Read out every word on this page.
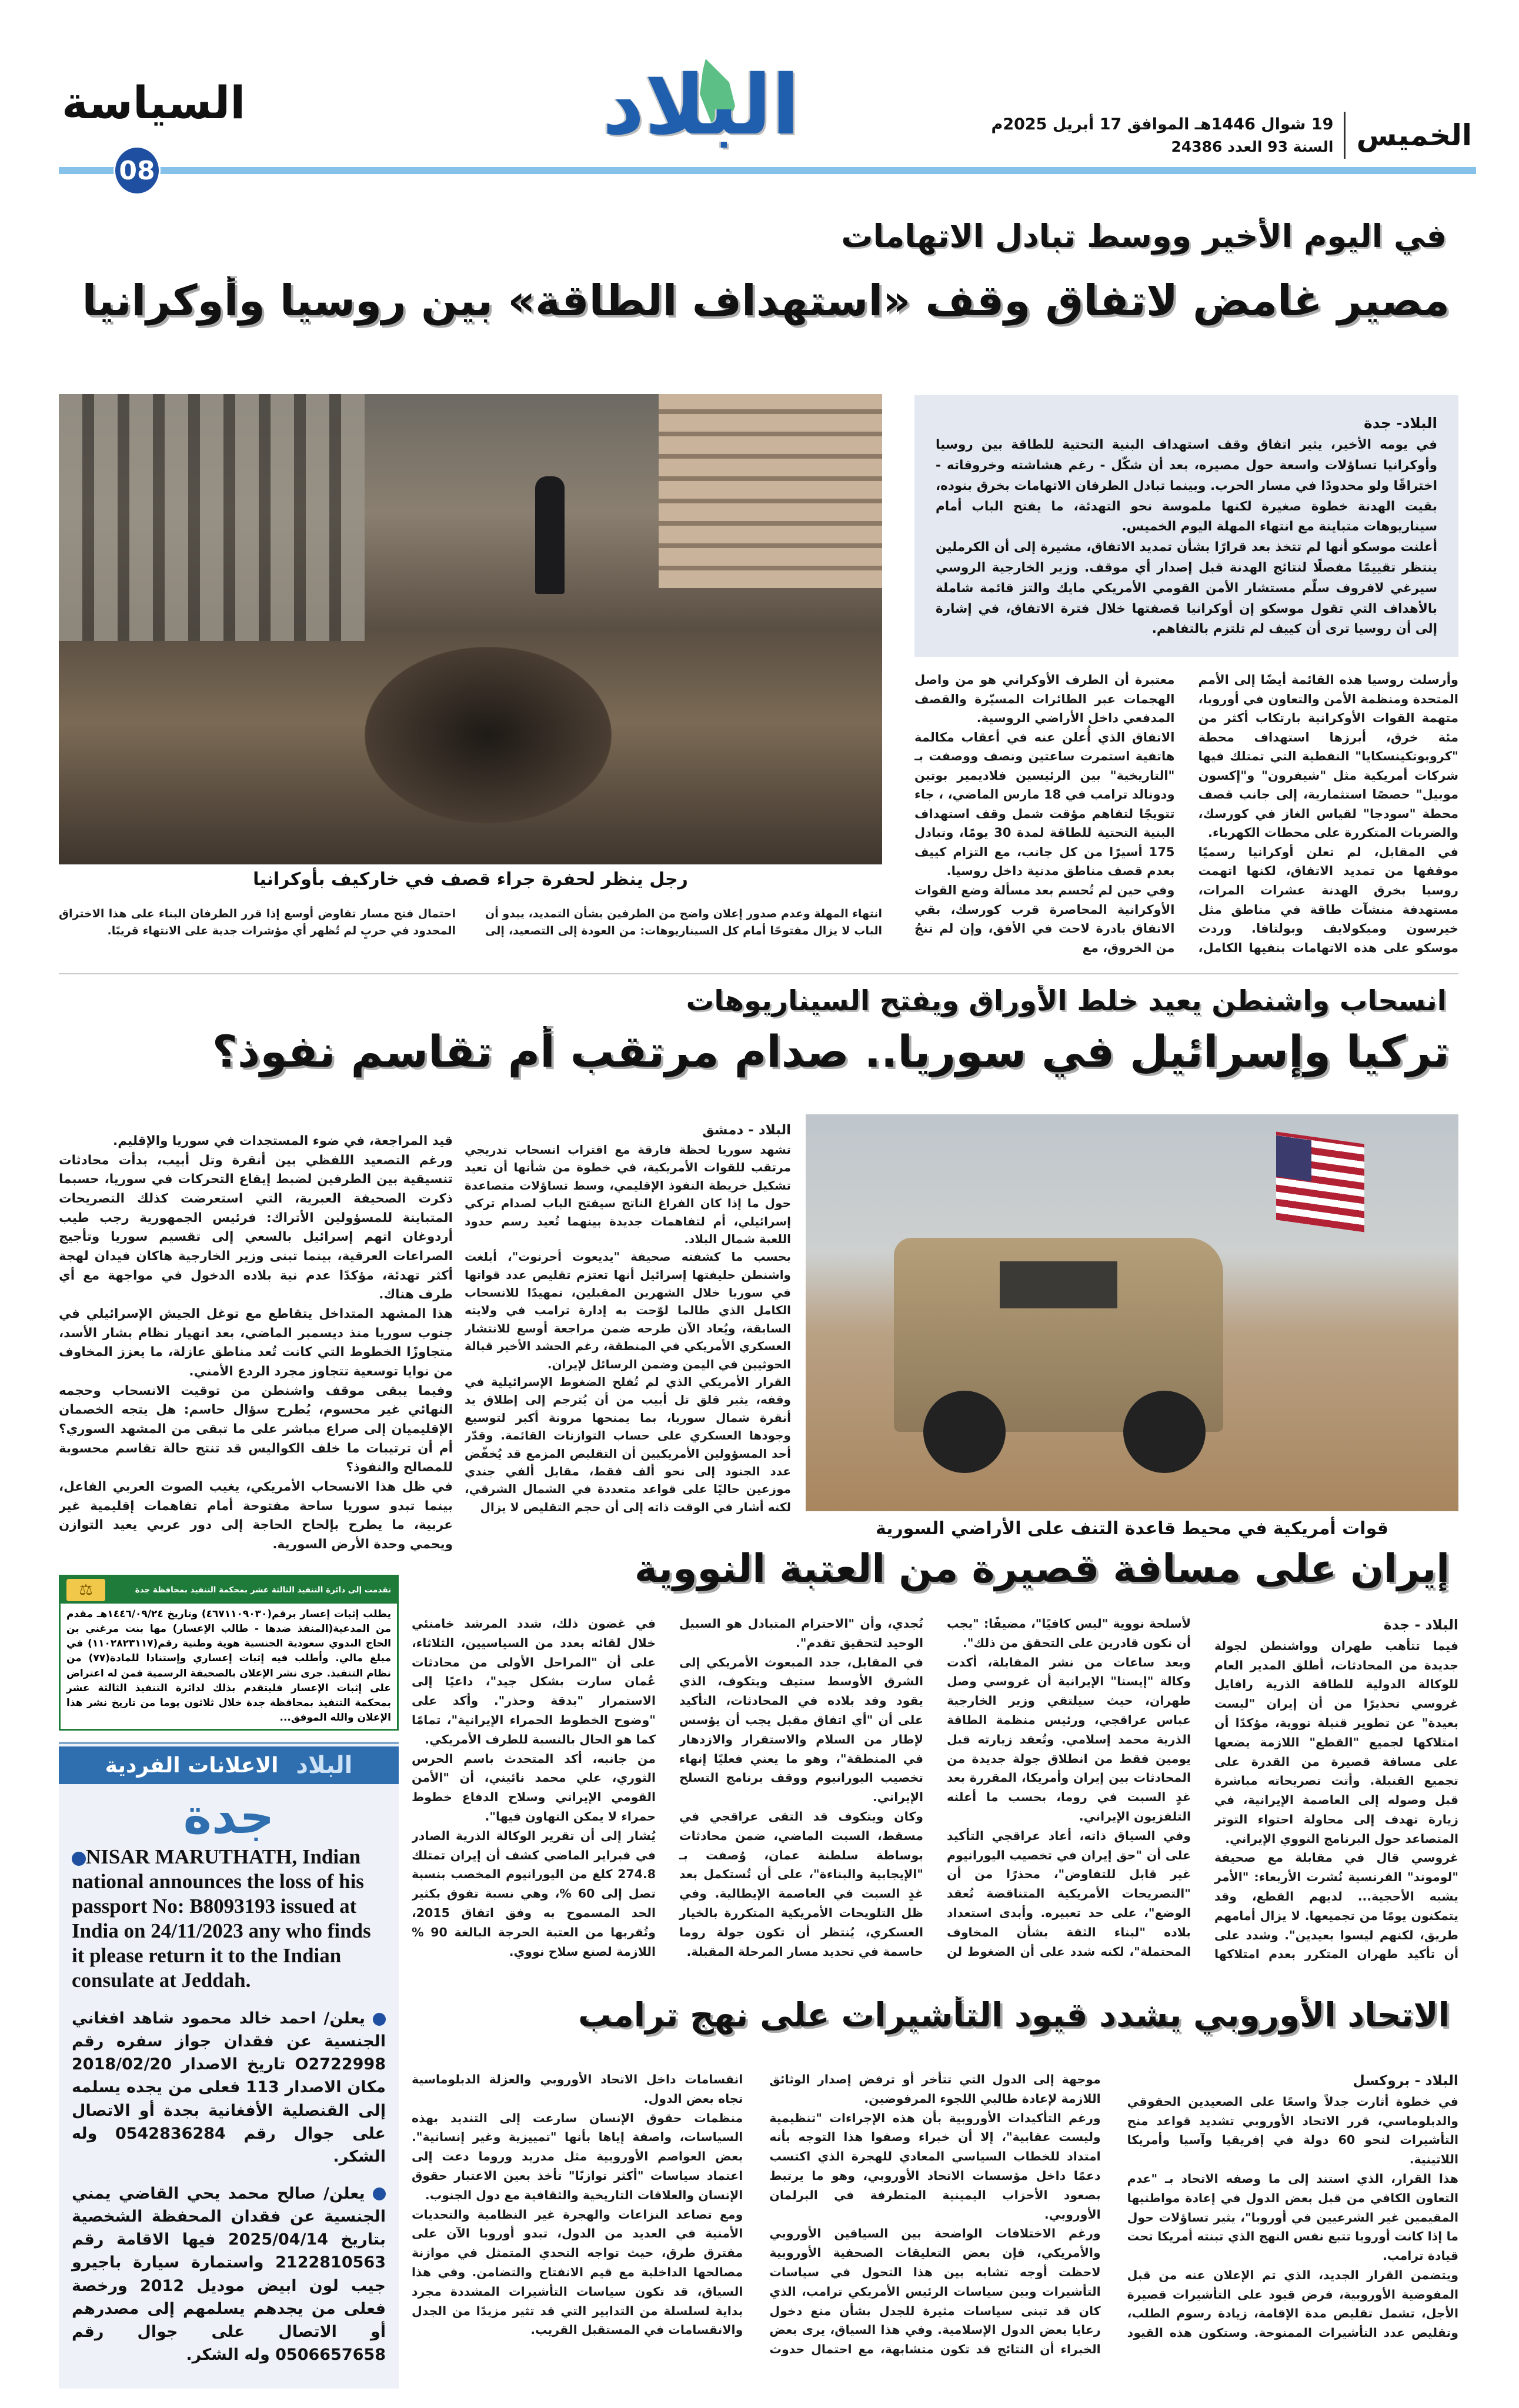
الخميس
19 شوال 1446هـ الموافق 17 أبريل 2025م
السنة 93 العدد 24386
البلاد
السياسة
08
في اليوم الأخير ووسط تبادل الاتهامات
مصير غامض لاتفاق وقف «استهداف الطاقة» بين روسيا وأوكرانيا
رجل ينظر لحفرة جراء قصف في خاركيف بأوكرانيا

البلاد- جدة

في يومه الأخير، يثير اتفاق وقف استهداف البنية التحتية للطاقة بين روسيا وأوكرانيا تساؤلات واسعة حول مصيره، بعد أن شكّل - رغم هشاشته وخروقاته - اختراقًا ولو محدودًا في مسار الحرب. وبينما تبادل الطرفان الاتهامات بخرق بنوده، بقيت الهدنة خطوة صغيرة لكنها ملموسة نحو التهدئة، ما يفتح الباب أمام سيناريوهات متباينة مع انتهاء المهلة اليوم الخميس.

أعلنت موسكو أنها لم تتخذ بعد قرارًا بشأن تمديد الاتفاق، مشيرة إلى أن الكرملين ينتظر تقييمًا مفصلًا لنتائج الهدنة قبل إصدار أي موقف. وزير الخارجية الروسي سيرغي لافروف سلّم مستشار الأمن القومي الأمريكي مايك والتز قائمة شاملة بالأهداف التي تقول موسكو إن أوكرانيا قصفتها خلال فترة الاتفاق، في إشارة إلى أن روسيا ترى أن كييف لم تلتزم بالتفاهم.

وأرسلت روسيا هذه القائمة أيضًا إلى الأمم المتحدة ومنظمة الأمن والتعاون في أوروبا، متهمة القوات الأوكرانية بارتكاب أكثر من مئة خرق، أبرزها استهداف محطة "كروبوتكينسكايا" النفطية التي تمتلك فيها شركات أمريكية مثل "شيفرون" و"إكسون موبيل" حصصًا استثمارية، إلى جانب قصف محطة "سودجا" لقياس الغاز في كورسك، والضربات المتكررة على محطات الكهرباء.

في المقابل، لم تعلن أوكرانيا رسميًا موقفها من تمديد الاتفاق، لكنها اتهمت روسيا بخرق الهدنة عشرات المرات، مستهدفة منشآت طاقة في مناطق مثل خيرسون وميكولايف وبولتافا. وردت موسكو على هذه الاتهامات بنفيها الكامل، معتبرة أن الطرف الأوكراني هو من واصل الهجمات عبر الطائرات المسيّرة والقصف المدفعي داخل الأراضي الروسية.

الاتفاق الذي أُعلن عنه في أعقاب مكالمة هاتفية استمرت ساعتين ونصف ووصفت بـ "التاريخية" بين الرئيسين فلاديمير بوتين ودونالد ترامب في 18 مارس الماضي، ، جاء تتويجًا لتفاهم مؤقت شمل وقف استهداف البنية التحتية للطاقة لمدة 30 يومًا، وتبادل 175 أسيرًا من كل جانب، مع التزام كييف بعدم قصف مناطق مدنية داخل روسيا.

وفي حين لم تُحسم بعد مسألة وضع القوات الأوكرانية المحاصرة قرب كورسك، بقي الاتفاق بادرة لاحت في الأفق، وإن لم تنجُ من الخروق، مع

انتهاء المهلة وعدم صدور إعلان واضح من الطرفين بشأن التمديد، يبدو أن الباب لا يزال مفتوحًا أمام كل السيناريوهات: من العودة إلى التصعيد، إلى احتمال فتح مسار تفاوض أوسع إذا قرر الطرفان البناء على هذا الاختراق المحدود في حربٍ لم تُظهر أي مؤشرات جدية على الانتهاء قريبًا.

انسحاب واشنطن يعيد خلط الأوراق ويفتح السيناريوهات
تركيا وإسرائيل في سوريا.. صدام مرتقب أم تقاسم نفوذ؟
قوات أمريكية في محيط قاعدة التنف على الأراضي السورية

البلاد - دمشق

تشهد سوريا لحظة فارقة مع اقتراب انسحاب تدريجي مرتقب للقوات الأمريكية، في خطوة من شأنها أن تعيد تشكيل خريطة النفوذ الإقليمي، وسط تساؤلات متصاعدة حول ما إذا كان الفراغ الناتج سيفتح الباب لصدام تركي إسرائيلي، أم لتفاهمات جديدة بينهما تُعيد رسم حدود اللعبة شمال البلاد.

بحسب ما كشفته صحيفة "يديعوت أحرنوت"، أبلغت واشنطن حليفتها إسرائيل أنها تعتزم تقليص عدد قواتها في سوريا خلال الشهرين المقبلين، تمهيدًا للانسحاب الكامل الذي طالما لوّحت به إدارة ترامب في ولايته السابقة، ويُعاد الآن طرحه ضمن مراجعة أوسع للانتشار العسكري الأمريكي في المنطقة، رغم الحشد الأخير قبالة الحوثيين في اليمن وضمن الرسائل لإيران.

القرار الأمريكي الذي لم تُفلح الضغوط الإسرائيلية في وقفه، يثير قلق تل أبيب من أن يُترجم إلى إطلاق يد أنقرة شمال سوريا، بما يمنحها مرونة أكبر لتوسيع وجودها العسكري على حساب التوازنات القائمة. وقدّر أحد المسؤولين الأمريكيين أن التقليص المزمع قد يُخفّض عدد الجنود إلى نحو ألف فقط، مقابل ألفي جندي موزعين حاليًا على قواعد متعددة في الشمال الشرقي، لكنه أشار في الوقت ذاته إلى أن حجم التقليص لا يزال

قيد المراجعة، في ضوء المستجدات في سوريا والإقليم.

ورغم التصعيد اللفظي بين أنقرة وتل أبيب، بدأت محادثات تنسيقية بين الطرفين لضبط إيقاع التحركات في سوريا، حسبما ذكرت الصحيفة العبرية، التي استعرضت كذلك التصريحات المتباينة للمسؤولين الأتراك: فرئيس الجمهورية رجب طيب أردوغان اتهم إسرائيل بالسعي إلى تقسيم سوريا وتأجيج الصراعات العرقية، بينما تبنى وزير الخارجية هاكان فيدان لهجة أكثر تهدئة، مؤكدًا عدم نية بلاده الدخول في مواجهة مع أي طرف هناك.

هذا المشهد المتداخل يتقاطع مع توغل الجيش الإسرائيلي في جنوب سوريا منذ ديسمبر الماضي، بعد انهيار نظام بشار الأسد، متجاوزًا الخطوط التي كانت تُعد مناطق عازلة، ما يعزز المخاوف من نوايا توسعية تتجاوز مجرد الردع الأمني.

وفيما يبقى موقف واشنطن من توقيت الانسحاب وحجمه النهائي غير محسوم، يُطرح سؤال حاسم: هل يتجه الخصمان الإقليميان إلى صراع مباشر على ما تبقى من المشهد السوري؟ أم أن ترتيبات ما خلف الكواليس قد تنتج حالة تقاسم محسوبة للمصالح والنفوذ؟

في ظل هذا الانسحاب الأمريكي، يغيب الصوت العربي الفاعل، بينما تبدو سوريا ساحة مفتوحة أمام تفاهمات إقليمية غير عربية، ما يطرح بإلحاح الحاجة إلى دور عربي يعيد التوازن ويحمي وحدة الأرض السورية.

تقدمت إلى دائرة التنفيذ الثالثة عشر بمحكمة التنفيذ بمحافظة جدة
⚖
يطلب إثبات إعسار برقم(٤٦٧١١٠٩٠٣٠) وتاريخ ١٤٤٦/٠٩/٢٤هـ مقدم من المدعية(المنفذ ضدها - طالب الإعسار) مها بنت مرغني بن الحاج البدوي سعودية الجنسية هوية وطنية رقم(١١٠٢٨٢٣١١٧) في مبلغ مالي. وأطلب فيه إثبات إعساري وإستنادا للمادة(٧٧) من نظام التنفيذ. جرى نشر الإعلان بالصحيفة الرسمية فمن له اعتراض على إثبات الإعسار فليتقدم بذلك لدائرة التنفيذ الثالثة عشر بمحكمة التنفيذ بمحافظة جدة خلال ثلاثون يوما من تاريخ نشر هذا الإعلان والله الموفق...
البلاد
الاعلانات الفردية
جدة
NISAR MARUTHATH, Indian national announces the loss of his passport No: B8093193 issued at India on 24/11/2023 any who finds it please return it to the Indian consulate at Jeddah.
يعلن/ احمد خالد محمود شاهد افغاني الجنسية عن فقدان جواز سفره رقم O2722998 تاريخ الاصدار 2018/02/20 مكان الاصدار 113 فعلى من يجده يسلمه إلى القنصلية الأفغانية بجدة أو الاتصال على جوال رقم 0542836284 وله الشكر.
يعلن/ صالح محمد يحي القاضي يمني الجنسية عن فقدان المحفظة الشخصية بتاريخ 2025/04/14 فيها الاقامة رقم 2122810563 واستمارة سيارة باجيرو جيب لون ابيض موديل 2012 ورخصة فعلى من يجدهم يسلمهم إلى مصدرهم أو الاتصال على جوال رقم 0506657658 وله الشكر.
إيران على مسافة قصيرة من العتبة النووية

البلاد - جدة

فيما تتأهب طهران وواشنطن لجولة جديدة من المحادثات، أطلق المدير العام للوكالة الدولية للطاقة الذرية رافايل غروسي تحذيرًا من أن إيران "ليست بعيدة" عن تطوير قنبلة نووية، مؤكدًا أن امتلاكها لجميع "القطع" اللازمة يضعها على مسافة قصيرة من القدرة على تجميع القنبلة. وأتت تصريحاته مباشرة قبل وصوله إلى العاصمة الإيرانية، في زيارة تهدف إلى محاولة احتواء التوتر المتصاعد حول البرنامج النووي الإيراني.

غروسي قال في مقابلة مع صحيفة "لوموند" الفرنسية نُشرت الأربعاء: "الأمر يشبه الأحجية... لديهم القطع، وقد يتمكنون يومًا من تجميعها. لا يزال أمامهم طريق، لكنهم ليسوا بعيدين". وشدد على أن تأكيد طهران المتكرر بعدم امتلاكها لأسلحة نووية "ليس كافيًا"، مضيفًا: "يجب أن نكون قادرين على التحقق من ذلك".

وبعد ساعات من نشر المقابلة، أكدت وكالة "إيسنا" الإيرانية أن غروسي وصل طهران، حيث سيلتقي وزير الخارجية عباس عراقجي، ورئيس منظمة الطاقة الذرية محمد إسلامي. وتُعقد زيارته قبل يومين فقط من انطلاق جولة جديدة من المحادثات بين إيران وأمريكا، المقررة بعد غدٍ السبت في روما، بحسب ما أعلنه التلفزيون الإيراني.

وفي السياق ذاته، أعاد عراقجي التأكيد على أن "حق إيران في تخصيب اليورانيوم غير قابل للتفاوض"، محذرًا من أن "التصريحات الأمريكية المتناقضة تُعقد الوضع"، على حد تعبيره. وأبدى استعداد بلاده "لبناء الثقة بشأن المخاوف المحتملة"، لكنه شدد على أن الضغوط لن تُجدي، وأن "الاحترام المتبادل هو السبيل الوحيد لتحقيق تقدم".

في المقابل، جدد المبعوث الأمريكي إلى الشرق الأوسط ستيف ويتكوف، الذي يقود وفد بلاده في المحادثات، التأكيد على أن "أي اتفاق مقبل يجب أن يؤسس لإطار من السلام والاستقرار والازدهار في المنطقة"، وهو ما يعني فعليًا إنهاء تخصيب اليورانيوم ووقف برنامج التسلح الإيراني.

وكان ويتكوف قد التقى عراقجي في مسقط، السبت الماضي، ضمن محادثات بوساطة سلطنة عمان، وُصفت بـ "الإيجابية والبناءة"، على أن تُستكمل بعد غدٍ السبت في العاصمة الإيطالية. وفي ظل التلويحات الأمريكية المتكررة بالخيار العسكري، يُنتظر أن تكون جولة روما حاسمة في تحديد مسار المرحلة المقبلة.

في غضون ذلك، شدد المرشد خامنئي خلال لقائه بعدد من السياسيين، الثلاثاء، على أن "المراحل الأولى من محادثات عُمان سارت بشكل جيد"، داعيًا إلى الاستمرار "بدقة وحذر". وأكد على "وضوح الخطوط الحمراء الإيرانية"، تمامًا كما هو الحال بالنسبة للطرف الأمريكي.

من جانبه، أكد المتحدث باسم الحرس الثوري، علي محمد نائيني، أن "الأمن القومي الإيراني وسلاح الدفاع خطوط حمراء لا يمكن التهاون فيها".

يُشار إلى أن تقرير الوكالة الذرية الصادر في فبراير الماضي كشف أن إيران تمتلك 274.8 كلغ من اليورانيوم المخصب بنسبة تصل إلى 60 %، وهي نسبة تفوق بكثير الحد المسموح به وفق اتفاق 2015، وتُقربها من العتبة الحرجة البالغة 90 % اللازمة لصنع سلاح نووي.

الاتحاد الأوروبي يشدد قيود التأشيرات على نهج ترامب

البلاد - بروكسل

في خطوة أثارت جدلاً واسعًا على الصعيدين الحقوقي والدبلوماسي، قرر الاتحاد الأوروبي تشديد قواعد منح التأشيرات لنحو 60 دولة في إفريقيا وآسيا وأمريكا اللاتينية.

هذا القرار، الذي استند إلى ما وصفه الاتحاد بـ "عدم التعاون الكافي من قبل بعض الدول في إعادة مواطنيها المقيمين غير الشرعيين في أوروبا"، يثير تساؤلات حول ما إذا كانت أوروبا تتبع نفس النهج الذي تبنته أمريكا تحت قيادة ترامب.

ويتضمن القرار الجديد، الذي تم الإعلان عنه من قبل المفوضية الأوروبية، فرض قيود على التأشيرات قصيرة الأجل، تشمل تقليص مدة الإقامة، زيادة رسوم الطلب، وتقليص عدد التأشيرات الممنوحة. وستكون هذه القيود موجهة إلى الدول التي تتأخر أو ترفض إصدار الوثائق اللازمة لإعادة طالبي اللجوء المرفوضين.

ورغم التأكيدات الأوروبية بأن هذه الإجراءات "تنظيمية وليست عقابية"، إلا أن خبراء وصفوا هذا التوجه بأنه امتداد للخطاب السياسي المعادي للهجرة الذي اكتسب دعمًا داخل مؤسسات الاتحاد الأوروبي، وهو ما يرتبط بصعود الأحزاب اليمينية المتطرفة في البرلمان الأوروبي.

ورغم الاختلافات الواضحة بين السياقين الأوروبي والأمريكي، فإن بعض التعليقات الصحفية الأوروبية لاحظت أوجه تشابه بين هذا التحول في سياسات التأشيرات وبين سياسات الرئيس الأمريكي ترامب، الذي كان قد تبنى سياسات مثيرة للجدل بشأن منع دخول رعايا بعض الدول الإسلامية. وفي هذا السياق، يرى بعض الخبراء أن النتائج قد تكون متشابهة، مع احتمال حدوث انقسامات داخل الاتحاد الأوروبي والعزلة الدبلوماسية تجاه بعض الدول.

منظمات حقوق الإنسان سارعت إلى التنديد بهذه السياسات، واصفة إياها بأنها "تمييزية وغير إنسانية". بعض العواصم الأوروبية مثل مدريد وروما دعت إلى اعتماد سياسات "أكثر توازنًا" تأخذ بعين الاعتبار حقوق الإنسان والعلاقات التاريخية والثقافية مع دول الجنوب.

ومع تصاعد النزاعات والهجرة غير النظامية والتحديات الأمنية في العديد من الدول، تبدو أوروبا الآن على مفترق طرق، حيث تواجه التحدي المتمثل في موازنة مصالحها الداخلية مع قيم الانفتاح والتضامن. وفي هذا السياق، قد تكون سياسات التأشيرات المشددة مجرد بداية لسلسلة من التدابير التي قد تثير مزيدًا من الجدل والانقسامات في المستقبل القريب.
